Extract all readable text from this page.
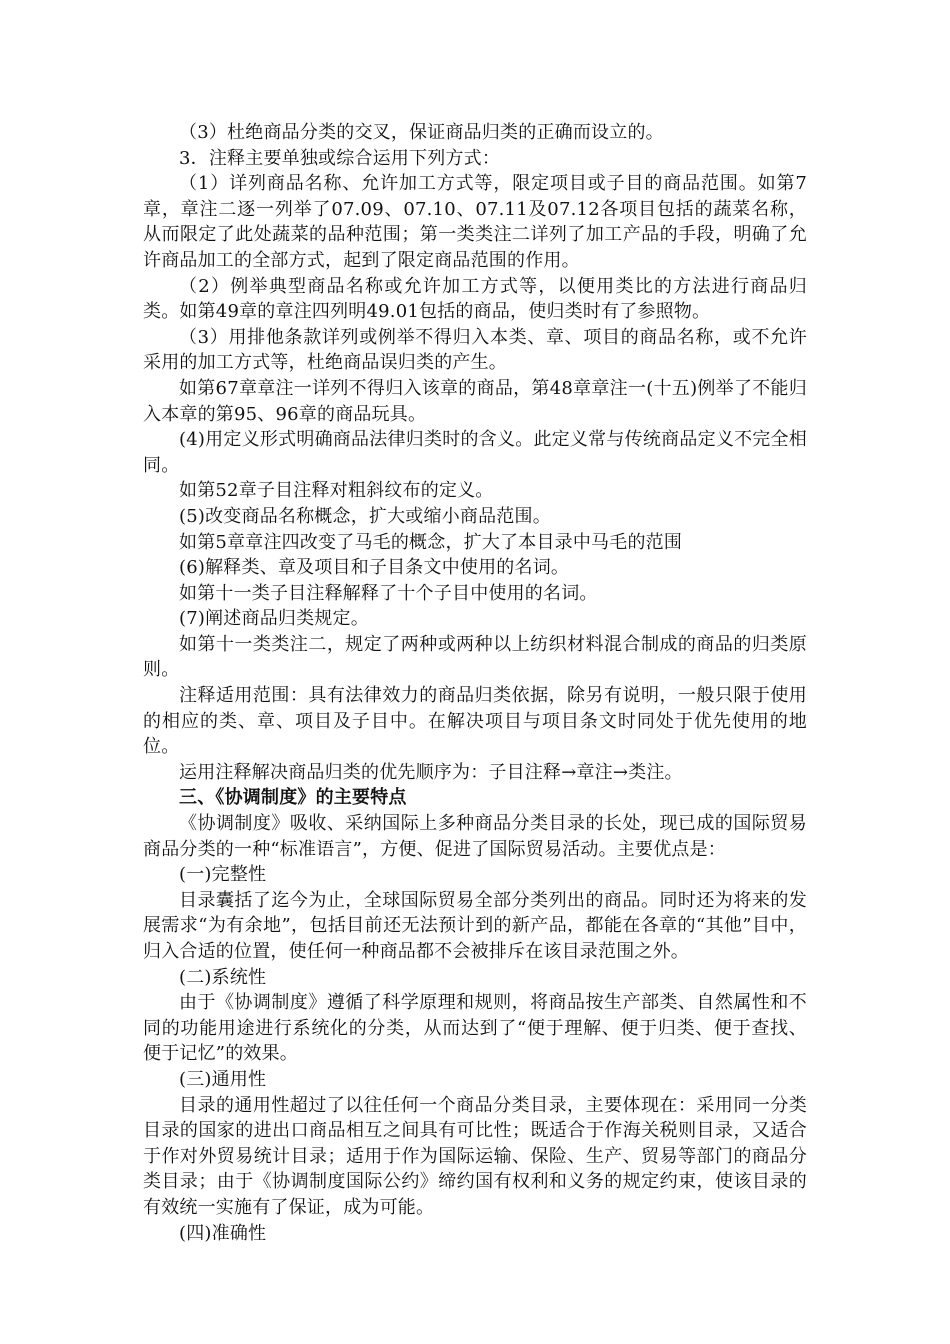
（3）杜绝商品分类的交叉，保证商品归类的正确而设立的。

3．注释主要单独或综合运用下列方式：

（1）详列商品名称、允许加工方式等，限定项目或子目的商品范围。如第7章，章注二逐一列举了07.09、07.10、07.11及07.12各项目包括的蔬菜名称，从而限定了此处蔬菜的品种范围；第一类类注二详列了加工产品的手段，明确了允许商品加工的全部方式，起到了限定商品范围的作用。

（2）例举典型商品名称或允许加工方式等，以便用类比的方法进行商品归类。如第49章的章注四列明49.01包括的商品，使归类时有了参照物。

（3）用排他条款详列或例举不得归入本类、章、项目的商品名称，或不允许采用的加工方式等，杜绝商品误归类的产生。

如第67章章注一详列不得归入该章的商品，第48章章注一(十五)例举了不能归入本章的第95、96章的商品玩具。

(4)用定义形式明确商品法律归类时的含义。此定义常与传统商品定义不完全相同。

如第52章子目注释对粗斜纹布的定义。

(5)改变商品名称概念，扩大或缩小商品范围。

如第5章章注四改变了马毛的概念，扩大了本目录中马毛的范围

(6)解释类、章及项目和子目条文中使用的名词。

如第十一类子目注释解释了十个子目中使用的名词。

(7)阐述商品归类规定。

如第十一类类注二，规定了两种或两种以上纺织材料混合制成的商品的归类原则。

注释适用范围：具有法律效力的商品归类依据，除另有说明，一般只限于使用的相应的类、章、项目及子目中。在解决项目与项目条文时同处于优先使用的地位。

运用注释解决商品归类的优先顺序为：子目注释→章注→类注。

三、《协调制度》的主要特点

《协调制度》吸收、采纳国际上多种商品分类目录的长处，现已成的国际贸易商品分类的一种“标准语言”，方便、促进了国际贸易活动。主要优点是：

(一)完整性

目录囊括了迄今为止，全球国际贸易全部分类列出的商品。同时还为将来的发展需求“为有余地”，包括目前还无法预计到的新产品，都能在各章的“其他”目中，归入合适的位置，使任何一种商品都不会被排斥在该目录范围之外。

(二)系统性

由于《协调制度》遵循了科学原理和规则，将商品按生产部类、自然属性和不同的功能用途进行系统化的分类，从而达到了“便于理解、便于归类、便于查找、便于记忆”的效果。

(三)通用性

目录的通用性超过了以往任何一个商品分类目录，主要体现在：采用同一分类目录的国家的进出口商品相互之间具有可比性；既适合于作海关税则目录，又适合于作对外贸易统计目录；适用于作为国际运输、保险、生产、贸易等部门的商品分类目录；由于《协调制度国际公约》缔约国有权利和义务的规定约束，使该目录的有效统一实施有了保证，成为可能。

(四)准确性
